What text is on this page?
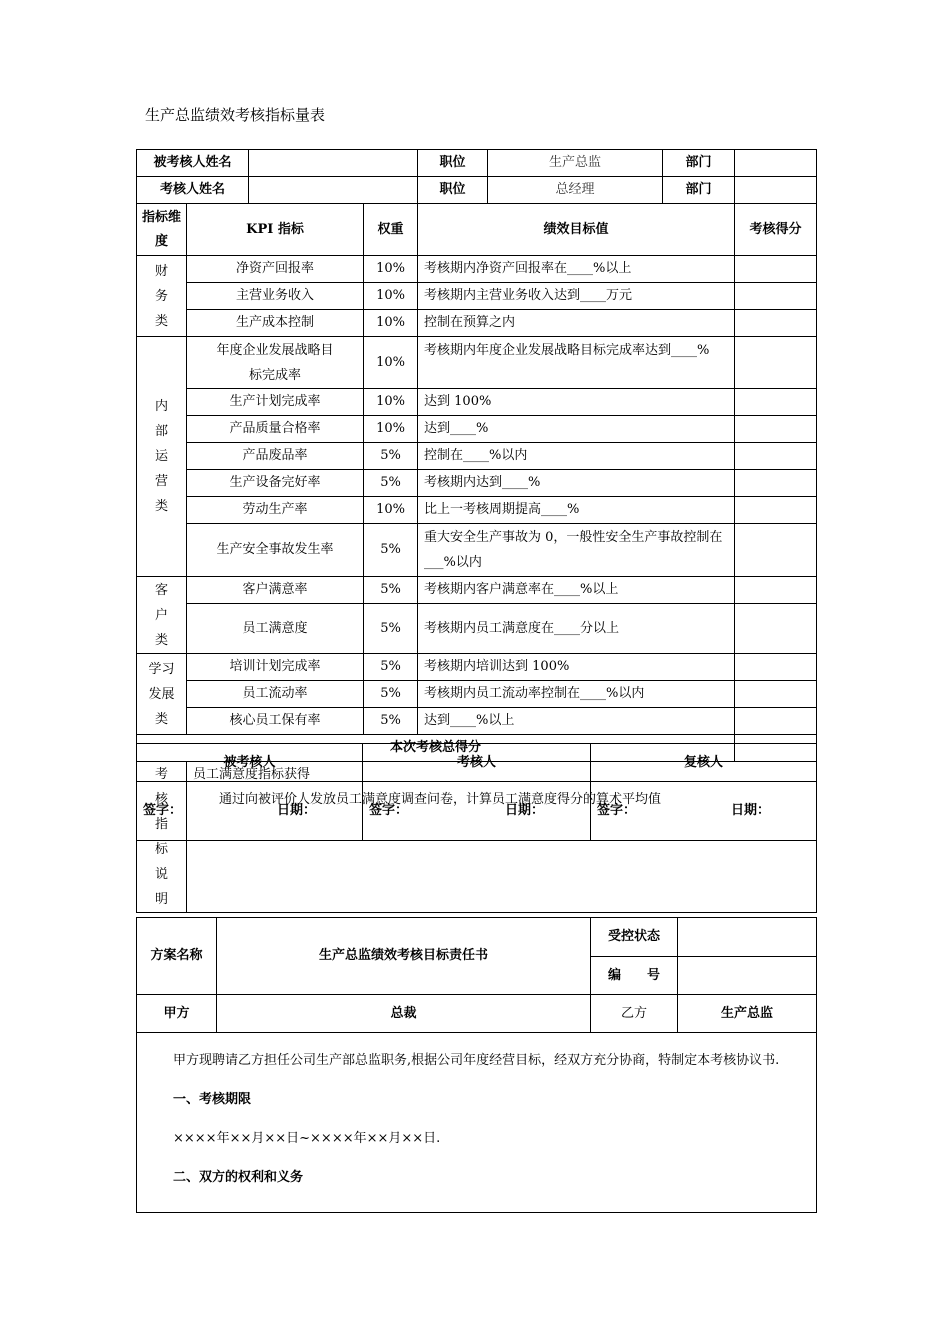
生产总监绩效考核指标量表
被考核人姓名				职位	生产总监	部门	
考核人姓名				职位	总经理	部门	
指标维度	KPI 指标		权重	绩效目标值			考核得分
财务类	净资产回报率		10%	考核期内净资产回报率在____%以上			
	主营业务收入		10%	考核期内主营业务收入达到____万元			
	生产成本控制		10%	控制在预算之内			
内部运营类	年度企业发展战略目标完成率		10%	考核期内年度企业发展战略目标完成率达到____%			
	生产计划完成率		10%	达到 100%			
	产品质量合格率		10%	达到____%			
	产品废品率		5%	控制在____%以内			
	生产设备完好率		5%	考核期内达到____%			
	劳动生产率		10%	比上一考核周期提高____%			
	生产安全事故发生率		5%	重大安全生产事故为 0，一般性安全生产事故控制在___%以内			
客户类	客户满意率		5%	考核期内客户满意率在____%以上			
	员工满意度		5%	考核期内员工满意度在____分以上			
学习发展类	培训计划完成率		5%	考核期内培训达到 100%			
	员工流动率		5%	考核期内员工流动率控制在____%以内			
	核心员工保有率		5%	达到____%以上			
本次考核总得分							
考核指标说明	员工满意度指标获得
通过向被评价人发放员工满意度调查问卷，计算员工满意度得分的算术平均值						
被考核人	考核人	复核人

签字： 日期：	签字： 日期：	签字： 日期：
方案名称	生产总监绩效考核目标责任书	受控状态	
		编　　号	
甲方	总裁	乙方	生产总监

甲方现聘请乙方担任公司生产部总监职务,根据公司年度经营目标，经双方充分协商，特制定本考核协议书.

一、考核期限

××××年××月××日~××××年××月××日.

二、双方的权利和义务			
